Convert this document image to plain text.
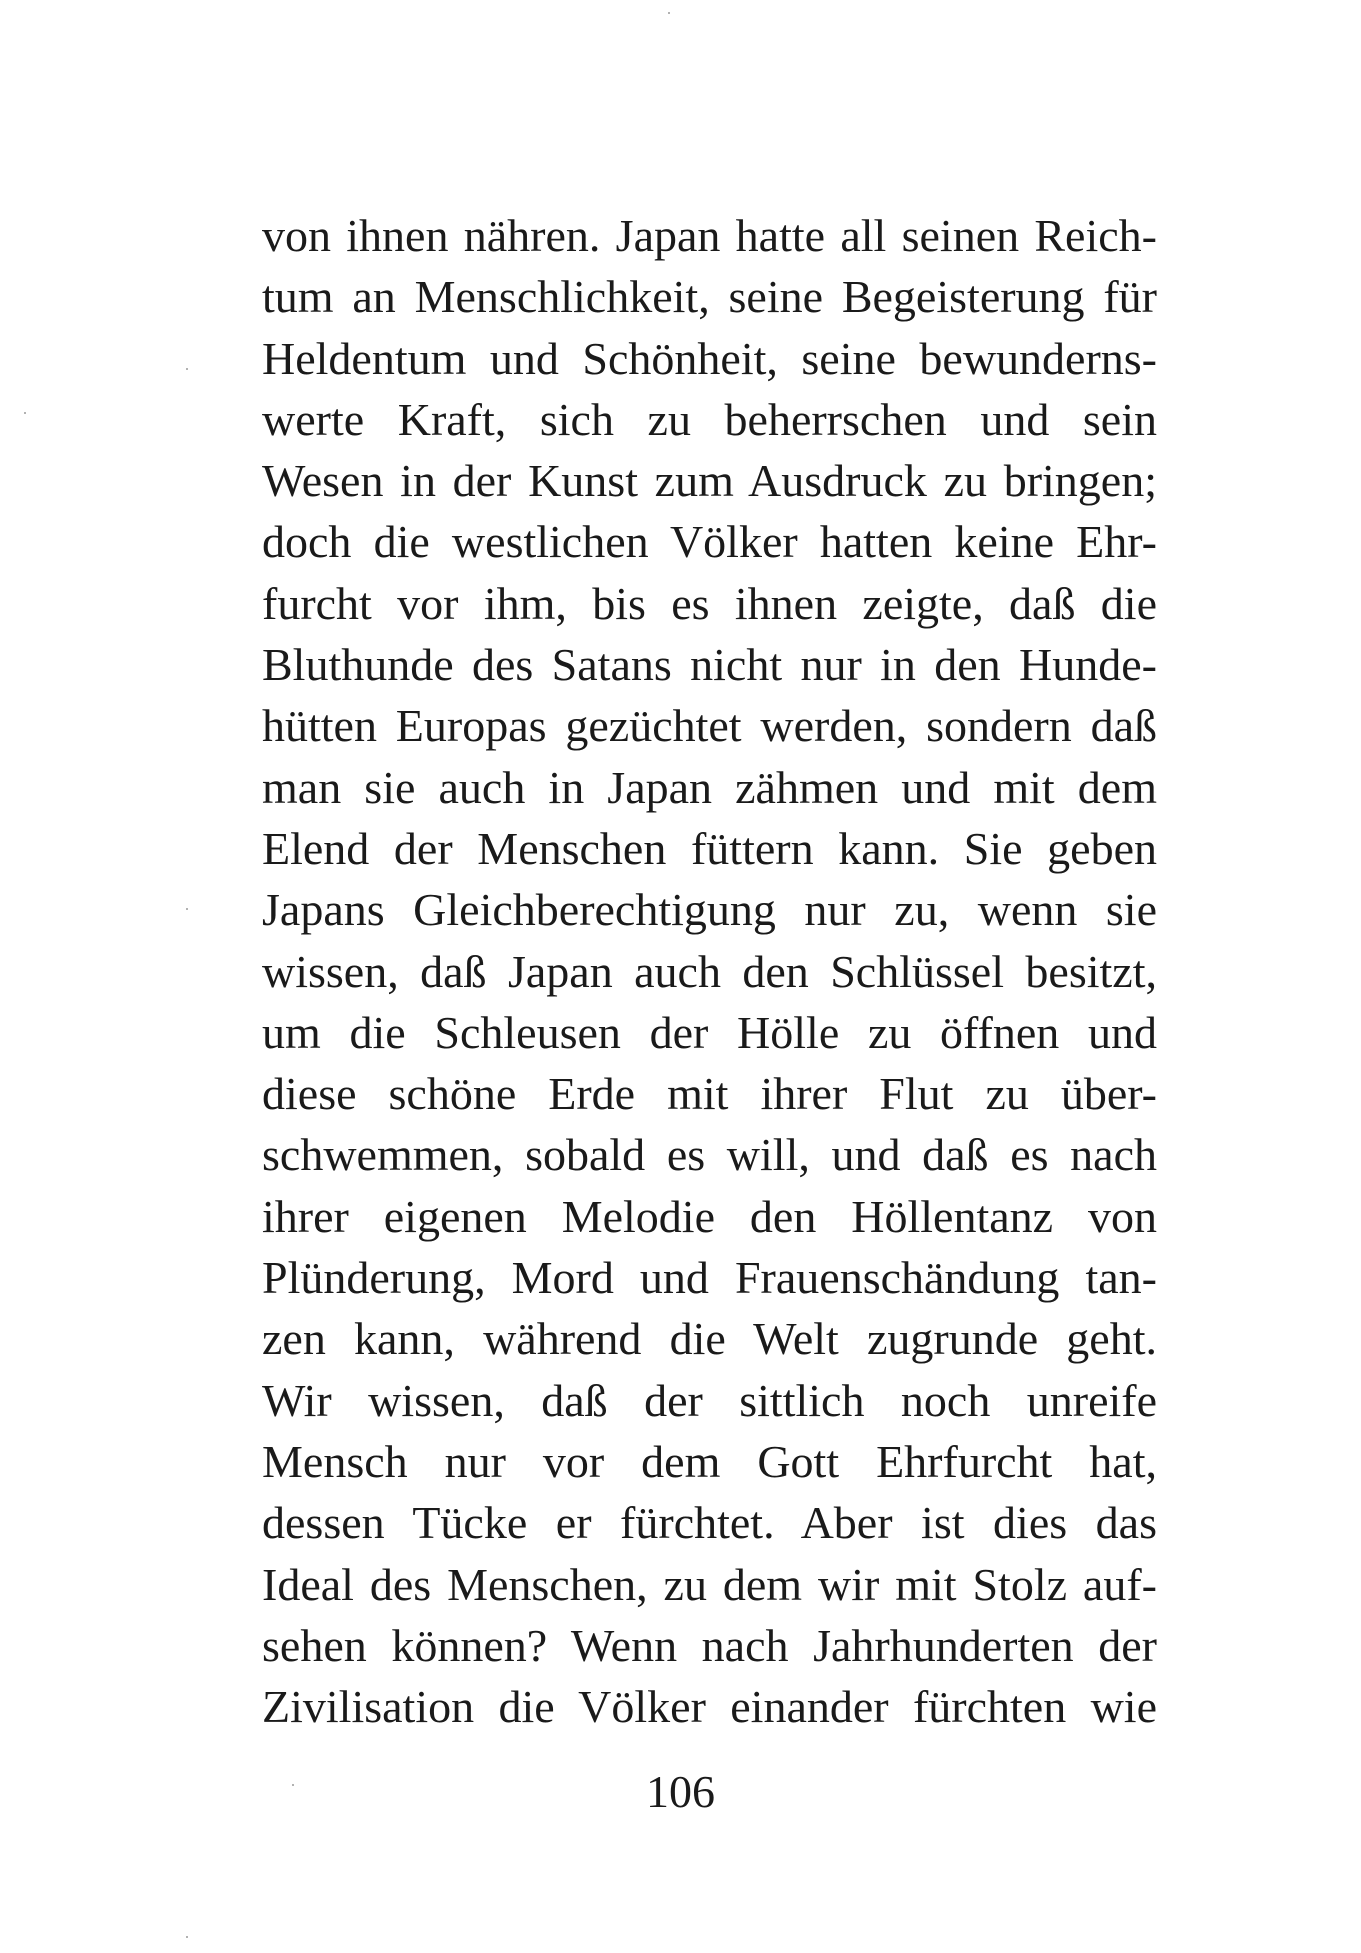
von ihnen nähren. Japan hatte all seinen Reich-
tum an Menschlichkeit, seine Begeisterung für
Heldentum und Schönheit, seine bewunderns-
werte Kraft, sich zu beherrschen und sein
Wesen in der Kunst zum Ausdruck zu bringen;
doch die westlichen Völker hatten keine Ehr-
furcht vor ihm, bis es ihnen zeigte, daß die
Bluthunde des Satans nicht nur in den Hunde-
hütten Europas gezüchtet werden, sondern daß
man sie auch in Japan zähmen und mit dem
Elend der Menschen füttern kann. Sie geben
Japans Gleichberechtigung nur zu, wenn sie
wissen, daß Japan auch den Schlüssel besitzt,
um die Schleusen der Hölle zu öffnen und
diese schöne Erde mit ihrer Flut zu über-
schwemmen, sobald es will, und daß es nach
ihrer eigenen Melodie den Höllentanz von
Plünderung, Mord und Frauenschändung tan-
zen kann, während die Welt zugrunde geht.
Wir wissen, daß der sittlich noch unreife
Mensch nur vor dem Gott Ehrfurcht hat,
dessen Tücke er fürchtet. Aber ist dies das
Ideal des Menschen, zu dem wir mit Stolz auf-
sehen können? Wenn nach Jahrhunderten der
Zivilisation die Völker einander fürchten wie
106
